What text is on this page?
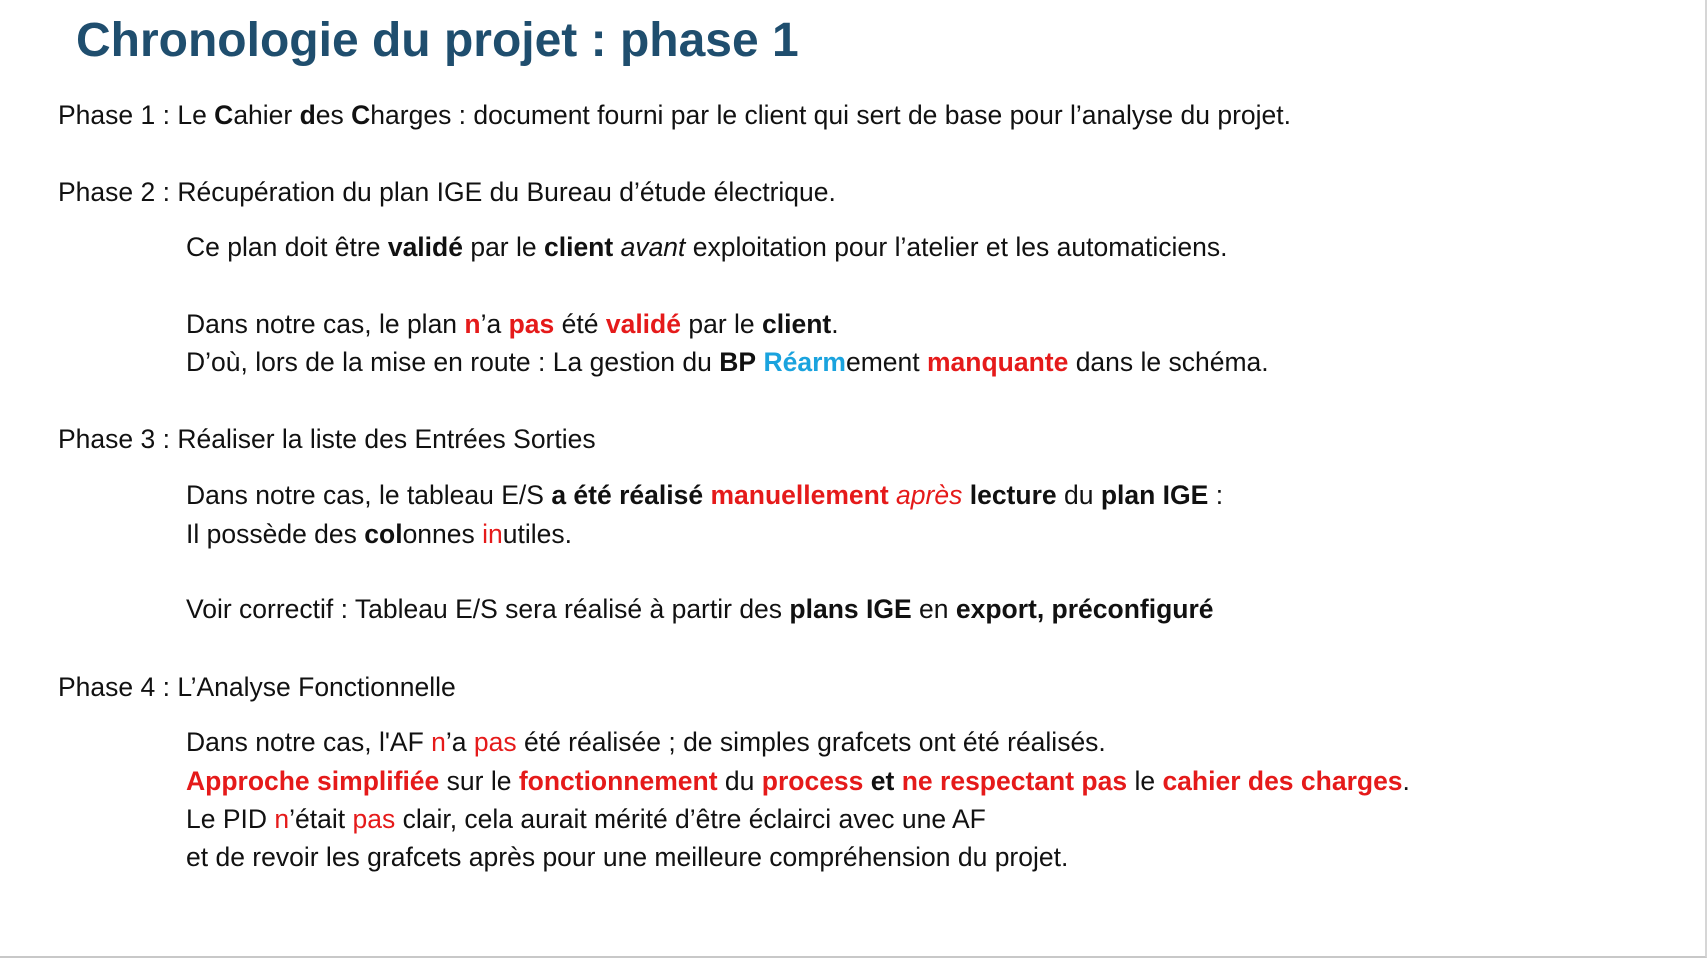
Chronologie du projet : phase 1
Phase 1 : Le Cahier des Charges : document fourni par le client qui sert de base pour l’analyse du projet.
Phase 2 : Récupération du plan IGE du Bureau d’étude électrique.
Ce plan doit être validé par le client avant exploitation pour l’atelier et les automaticiens.
Dans notre cas, le plan n’a pas été validé par le client.
D’où, lors de la mise en route : La gestion du BP Réarmement manquante dans le schéma.
Phase 3 : Réaliser la liste des Entrées Sorties
Dans notre cas, le tableau E/S a été réalisé manuellement après lecture du plan IGE :
Il possède des colonnes inutiles.
Voir correctif : Tableau E/S sera réalisé à partir des plans IGE en export, préconfiguré
Phase 4 : L’Analyse Fonctionnelle
Dans notre cas, l'AF n’a pas été réalisée ; de simples grafcets ont été réalisés.
Approche simplifiée sur le fonctionnement du process et ne respectant pas le cahier des charges.
Le PID n’était pas clair, cela aurait mérité d’être éclairci avec une AF
et de revoir les grafcets après pour une meilleure compréhension du projet.
